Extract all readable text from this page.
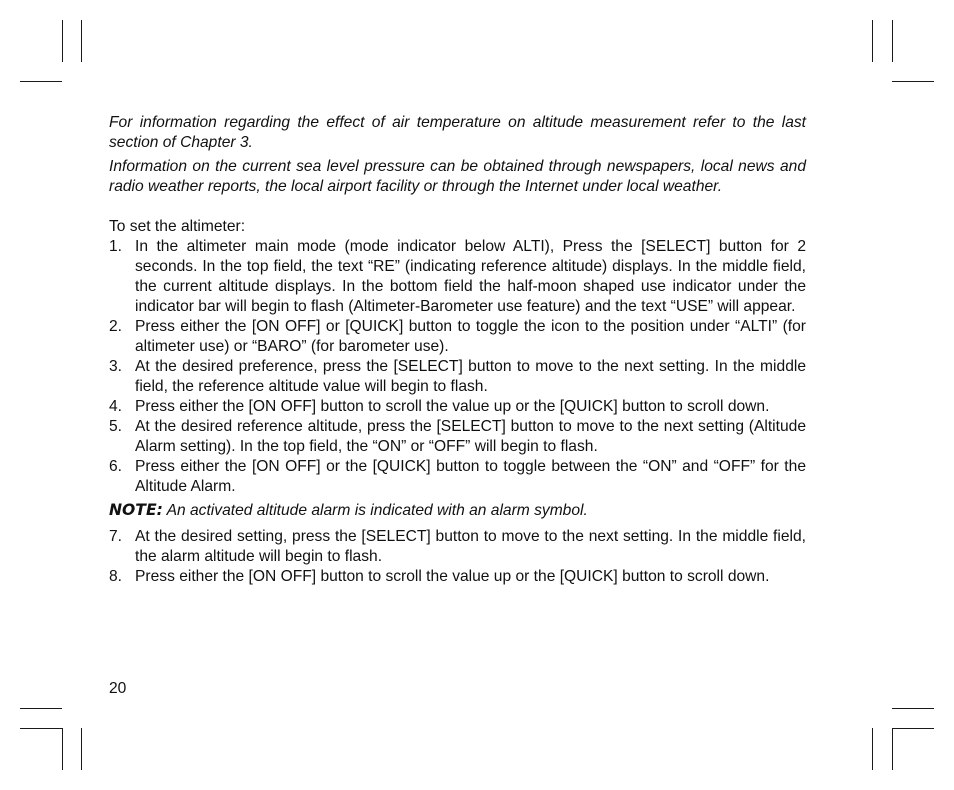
For information regarding the effect of air temperature on altitude measurement refer to the last section of Chapter 3.

Information on the current sea level pressure can be obtained through newspapers, local news and radio weather reports, the local airport facility or through the Internet under local weather.

To set the altimeter:

1. In the altimeter main mode (mode indicator below ALTI), Press the [SELECT] button for 2 seconds. In the top field, the text “RE” (indicating reference altitude) displays. In the middle field, the current altitude displays. In the bottom field the half-moon shaped use indicator under the indicator bar will begin to flash (Altimeter-Barometer use feature) and the text “USE” will appear.
2. Press either the [ON OFF] or [QUICK] button to toggle the icon to the position under “ALTI” (for altimeter use) or “BARO” (for barometer use).
3. At the desired preference, press the [SELECT] button to move to the next setting. In the middle field, the reference altitude value will begin to flash.
4. Press either the [ON OFF] button to scroll the value up or the [QUICK] button to scroll down.
5. At the desired reference altitude, press the [SELECT] button to move to the next setting (Altitude Alarm setting). In the top field, the “ON” or “OFF” will begin to flash.
6. Press either the [ON OFF] or the [QUICK] button to toggle between the “ON” and “OFF” for the Altitude Alarm.

NOTE: An activated altitude alarm is indicated with an alarm symbol.

7. At the desired setting, press the [SELECT] button to move to the next setting. In the middle field, the alarm altitude will begin to flash.
8. Press either the [ON OFF] button to scroll the value up or the [QUICK] button to scroll down.
20
